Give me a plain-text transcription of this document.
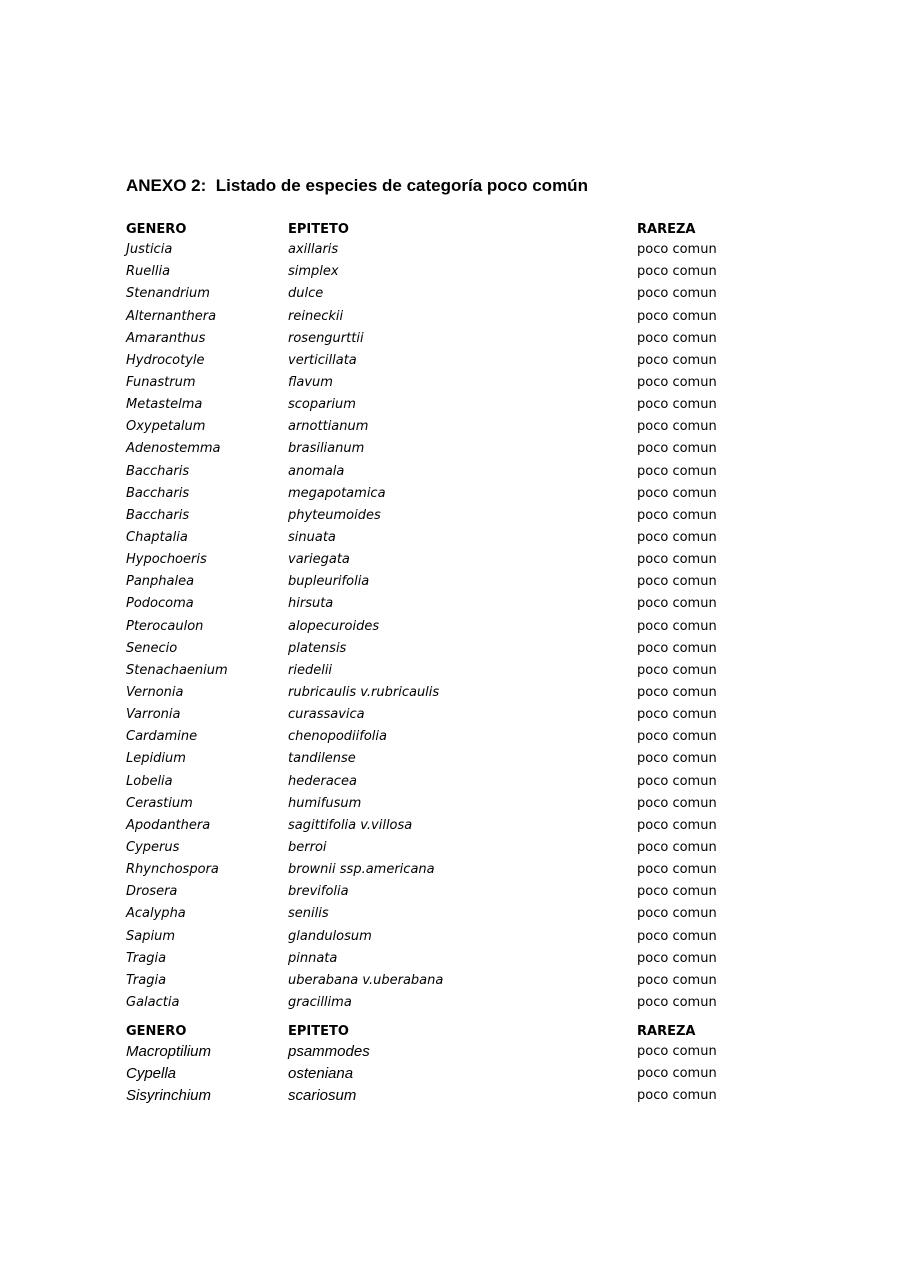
ANEXO 2:  Listado de especies de categoría poco común
GENERO	EPITETO	RAREZA
Justicia	axillaris	poco comun
Ruellia	simplex	poco comun
Stenandrium	dulce	poco comun
Alternanthera	reineckii	poco comun
Amaranthus	rosengurttii	poco comun
Hydrocotyle	verticillata	poco comun
Funastrum	flavum	poco comun
Metastelma	scoparium	poco comun
Oxypetalum	arnottianum	poco comun
Adenostemma	brasilianum	poco comun
Baccharis	anomala	poco comun
Baccharis	megapotamica	poco comun
Baccharis	phyteumoides	poco comun
Chaptalia	sinuata	poco comun
Hypochoeris	variegata	poco comun
Panphalea	bupleurifolia	poco comun
Podocoma	hirsuta	poco comun
Pterocaulon	alopecuroides	poco comun
Senecio	platensis	poco comun
Stenachaenium	riedelii	poco comun
Vernonia	rubricaulis v.rubricaulis	poco comun
Varronia	curassavica	poco comun
Cardamine	chenopodiifolia	poco comun
Lepidium	tandilense	poco comun
Lobelia	hederacea	poco comun
Cerastium	humifusum	poco comun
Apodanthera	sagittifolia v.villosa	poco comun
Cyperus	berroi	poco comun
Rhynchospora	brownii ssp.americana	poco comun
Drosera	brevifolia	poco comun
Acalypha	senilis	poco comun
Sapium	glandulosum	poco comun
Tragia	pinnata	poco comun
Tragia	uberabana v.uberabana	poco comun
Galactia	gracillima	poco comun
GENERO	EPITETO	RAREZA
Macroptilium	psammodes	poco comun
Cypella	osteniana	poco comun
Sisyrinchium	scariosum	poco comun
